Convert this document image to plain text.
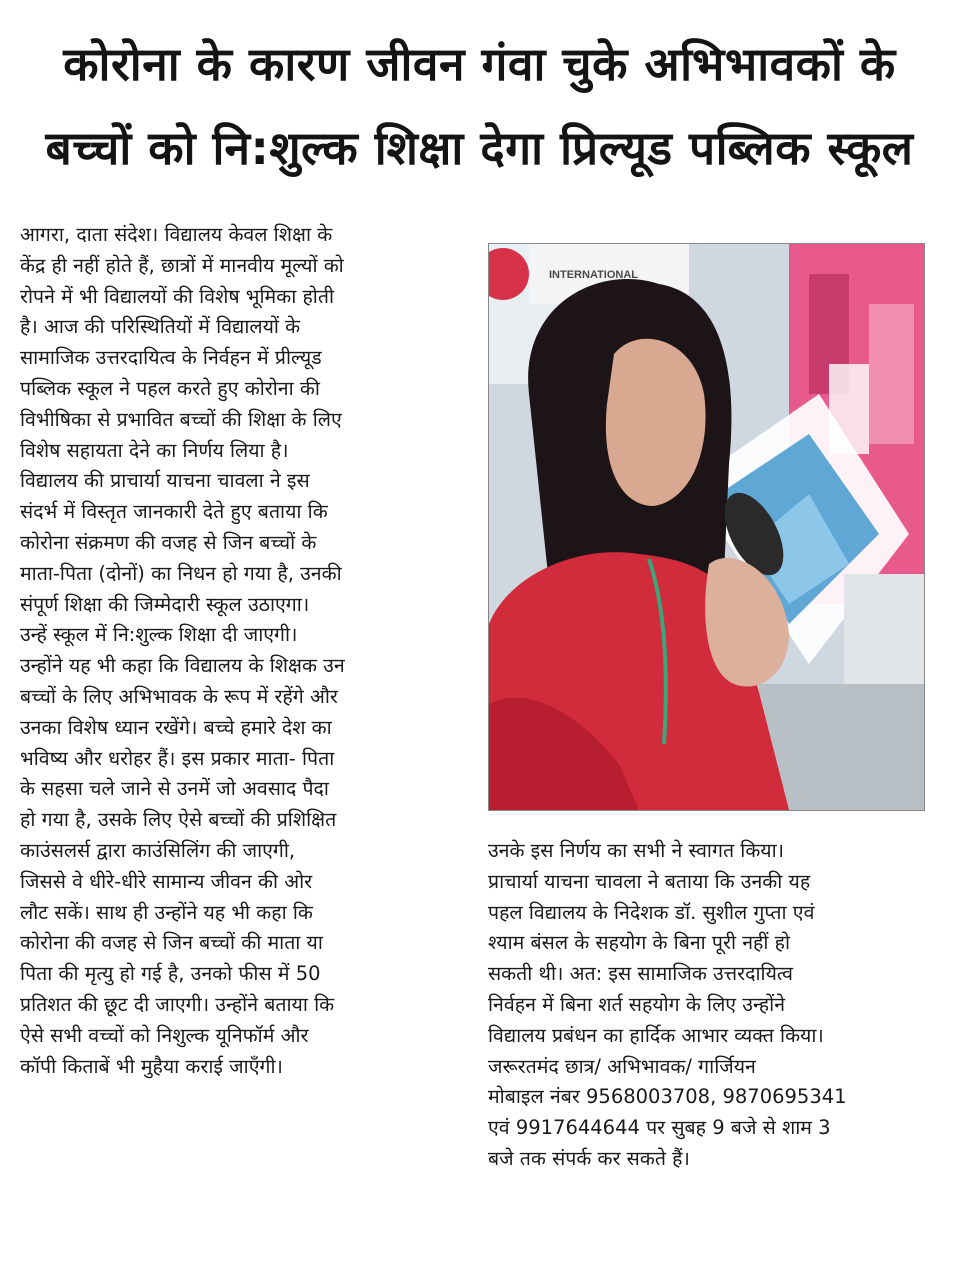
कोरोना के कारण जीवन गंवा चुके अभिभावकों के
बच्चों को नि:शुल्क शिक्षा देगा प्रिल्यूड पब्लिक स्कूल

आगरा, दाता संदेश। विद्यालय केवल शिक्षा के

केंद्र ही नहीं होते हैं, छात्रों में मानवीय मूल्यों को

रोपने में भी विद्यालयों की विशेष भूमिका होती

है। आज की परिस्थितियों में विद्यालयों के

सामाजिक उत्तरदायित्व के निर्वहन में प्रील्यूड

पब्लिक स्कूल ने पहल करते हुए कोरोना की

विभीषिका से प्रभावित बच्चों की शिक्षा के लिए

विशेष सहायता देने का निर्णय लिया है।

विद्यालय की प्राचार्या याचना चावला ने इस

संदर्भ में विस्तृत जानकारी देते हुए बताया कि

कोरोना संक्रमण की वजह से जिन बच्चों के

माता-पिता (दोनों) का निधन हो गया है, उनकी

संपूर्ण शिक्षा की जिम्मेदारी स्कूल उठाएगा।

उन्हें स्कूल में नि:शुल्क शिक्षा दी जाएगी।

उन्होंने यह भी कहा कि विद्यालय के शिक्षक उन

बच्चों के लिए अभिभावक के रूप में रहेंगे और

उनका विशेष ध्यान रखेंगे। बच्चे हमारे देश का

भविष्य और धरोहर हैं। इस प्रकार माता- पिता

के सहसा चले जाने से उनमें जो अवसाद पैदा

हो गया है, उसके लिए ऐसे बच्चों की प्रशिक्षित

काउंसलर्स द्वारा काउंसिलिंग की जाएगी,

जिससे वे धीरे-धीरे सामान्य जीवन की ओर

लौट सकें। साथ ही उन्होंने यह भी कहा कि

कोरोना की वजह से जिन बच्चों की माता या

पिता की मृत्यु हो गई है, उनको फीस में 50

प्रतिशत की छूट दी जाएगी। उन्होंने बताया कि

ऐसे सभी वच्चों को निशुल्क यूनिफॉर्म और

कॉपी किताबें भी मुहैया कराई जाएँगी।

INTERNATIONAL

उनके इस निर्णय का सभी ने स्वागत किया।

प्राचार्या याचना चावला ने बताया कि उनकी यह

पहल विद्यालय के निदेशक डॉ. सुशील गुप्ता एवं

श्याम बंसल के सहयोग के बिना पूरी नहीं हो

सकती थी। अत: इस सामाजिक उत्तरदायित्व

निर्वहन में बिना शर्त सहयोग के लिए उन्होंने

विद्यालय प्रबंधन का हार्दिक आभार व्यक्त किया।

जरूरतमंद छात्र/ अभिभावक/ गार्जियन

मोबाइल नंबर 9568003708, 9870695341

एवं 9917644644 पर सुबह 9 बजे से शाम 3

बजे तक संपर्क कर सकते हैं।
